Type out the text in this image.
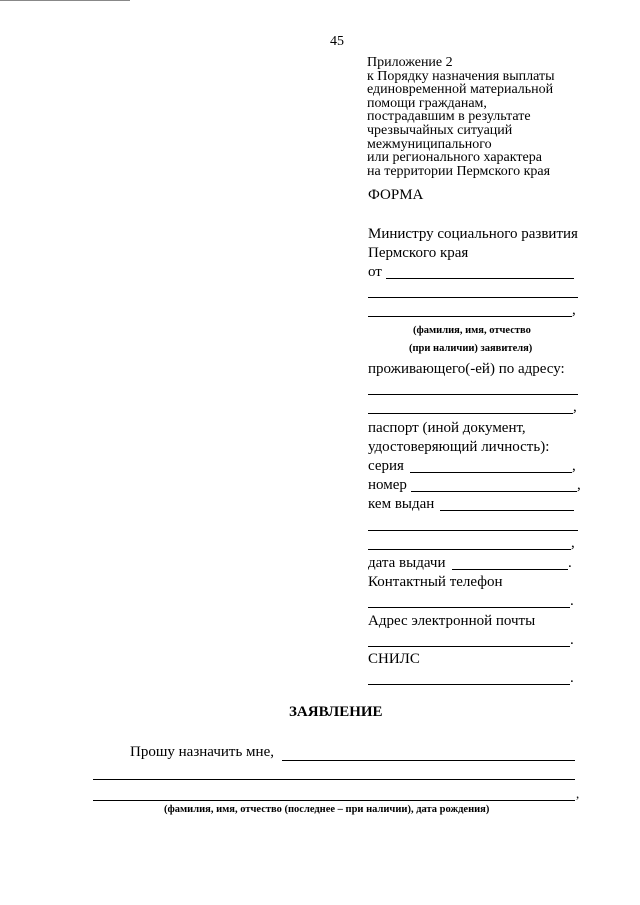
45
Приложение 2
к Порядку назначения выплаты
единовременной материальной
помощи гражданам,
пострадавшим в результате
чрезвычайных ситуаций
межмуниципального
или регионального характера
на территории Пермского края
ФОРМА
Министру социального развития
Пермского края
от
,
(фамилия, имя, отчество
(при наличии) заявителя)
проживающего(-ей) по адресу:
,
паспорт (иной документ,
удостоверяющий личность):
серия	,
номер	,
кем выдан
,
дата выдачи	.
Контактный телефон
.
Адрес электронной почты
.
СНИЛС
.
ЗАЯВЛЕНИЕ
Прошу назначить мне,
,
(фамилия, имя, отчество (последнее – при наличии), дата рождения)
